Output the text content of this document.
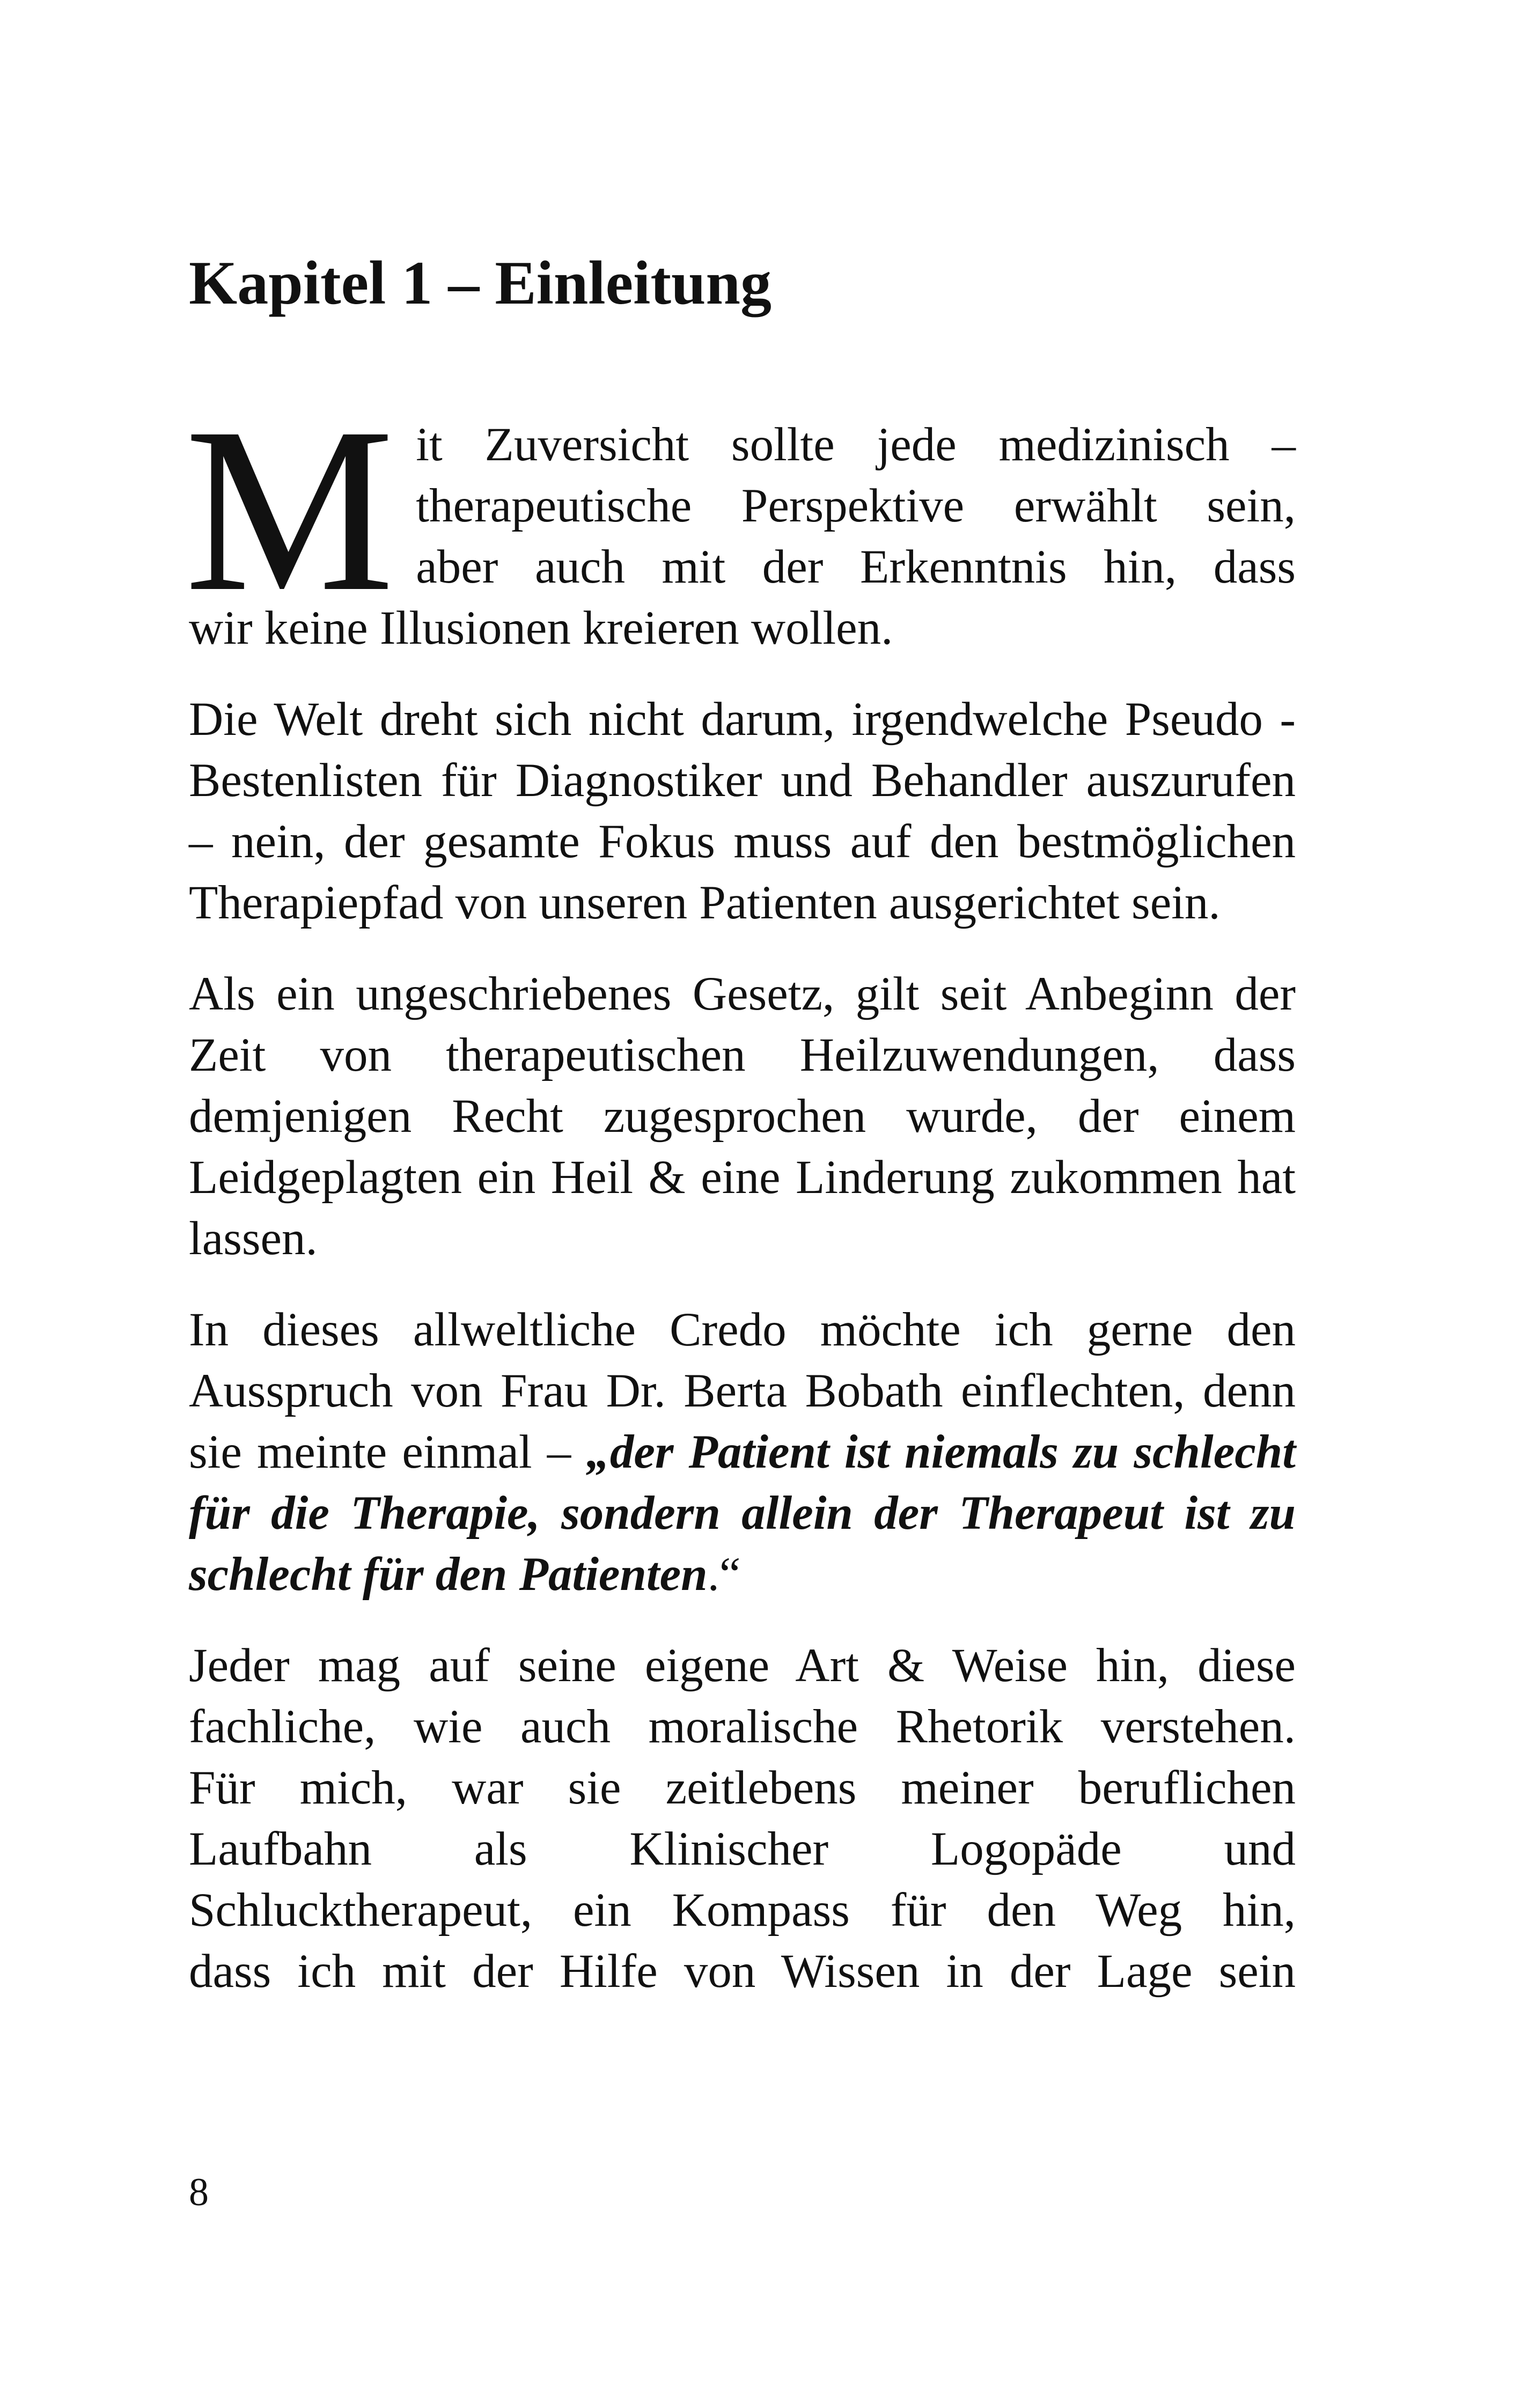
Kapitel 1 – Einleitung

M it Zuversicht sollte jede medizinisch –
therapeutische Perspektive erwählt sein,
aber auch mit der Erkenntnis hin, dass
wir keine Illusionen kreieren wollen.

Die Welt dreht sich nicht darum, irgendwelche Pseudo - Bestenlisten für Diagnostiker und Behandler auszurufen – nein, der gesamte Fokus muss auf den bestmöglichen Therapiepfad von unseren Patienten ausgerichtet sein.

Als ein ungeschriebenes Gesetz, gilt seit Anbeginn der Zeit von therapeutischen Heilzuwendungen, dass demjenigen Recht zugesprochen wurde, der einem Leidgeplagten ein Heil & eine Linderung zukommen hat lassen.

In dieses allweltliche Credo möchte ich gerne den Ausspruch von Frau Dr. Berta Bobath einflechten, denn sie meinte einmal – „der Patient ist niemals zu schlecht für die Therapie, sondern allein der Therapeut ist zu schlecht für den Patienten.“

Jeder mag auf seine eigene Art & Weise hin, diese
fachliche, wie auch moralische Rhetorik verstehen.
Für mich, war sie zeitlebens meiner beruflichen
Laufbahn als Klinischer Logopäde und
Schlucktherapeut, ein Kompass für den Weg hin,
dass ich mit der Hilfe von Wissen in der Lage sein

8
